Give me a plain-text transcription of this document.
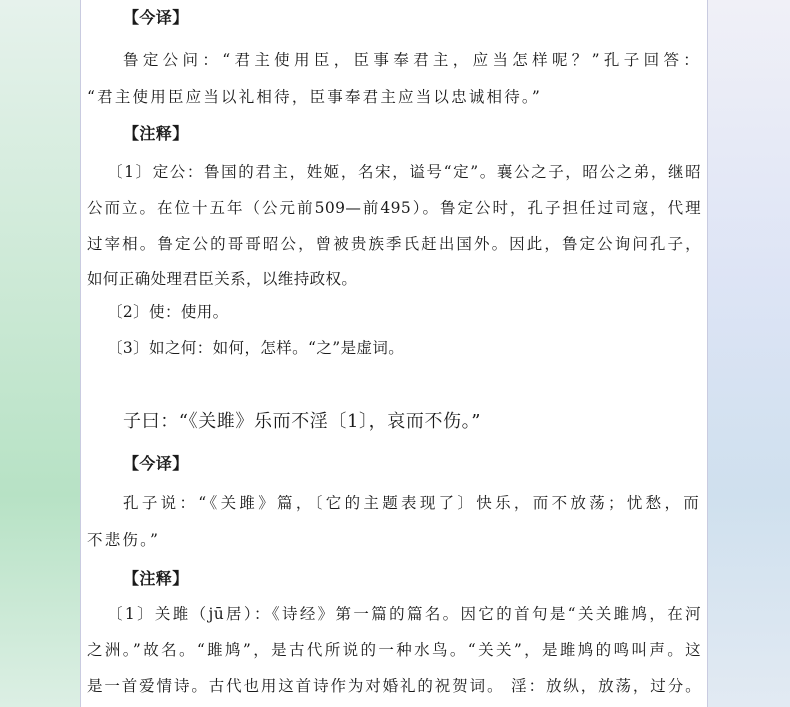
【今译】
鲁定公问：“君主使用臣，臣事奉君主，应当怎样呢？”孔子回答：
“君主使用臣应当以礼相待，臣事奉君主应当以忠诚相待。”
【注释】
〔1〕定公：鲁国的君主，姓姬，名宋，谥号“定”。襄公之子，昭公之弟，继昭
公而立。在位十五年（公元前509—前495）。鲁定公时，孔子担任过司寇，代理
过宰相。鲁定公的哥哥昭公，曾被贵族季氏赶出国外。因此，鲁定公询问孔子，
如何正确处理君臣关系，以维持政权。
〔2〕使：使用。
〔3〕如之何：如何，怎样。“之”是虚词。
子曰：“《关雎》乐而不淫〔1〕，哀而不伤。”
【今译】
孔子说：“《关雎》篇，〔它的主题表现了〕快乐，而不放荡；忧愁，而
不悲伤。”
【注释】
〔1〕关雎（jū居）：《诗经》第一篇的篇名。因它的首句是“关关雎鸠，在河
之洲。”故名。“雎鸠”，是古代所说的一种水鸟。“关关”，是雎鸠的鸣叫声。这
是一首爱情诗。古代也用这首诗作为对婚礼的祝贺词。 淫：放纵，放荡，过分。
